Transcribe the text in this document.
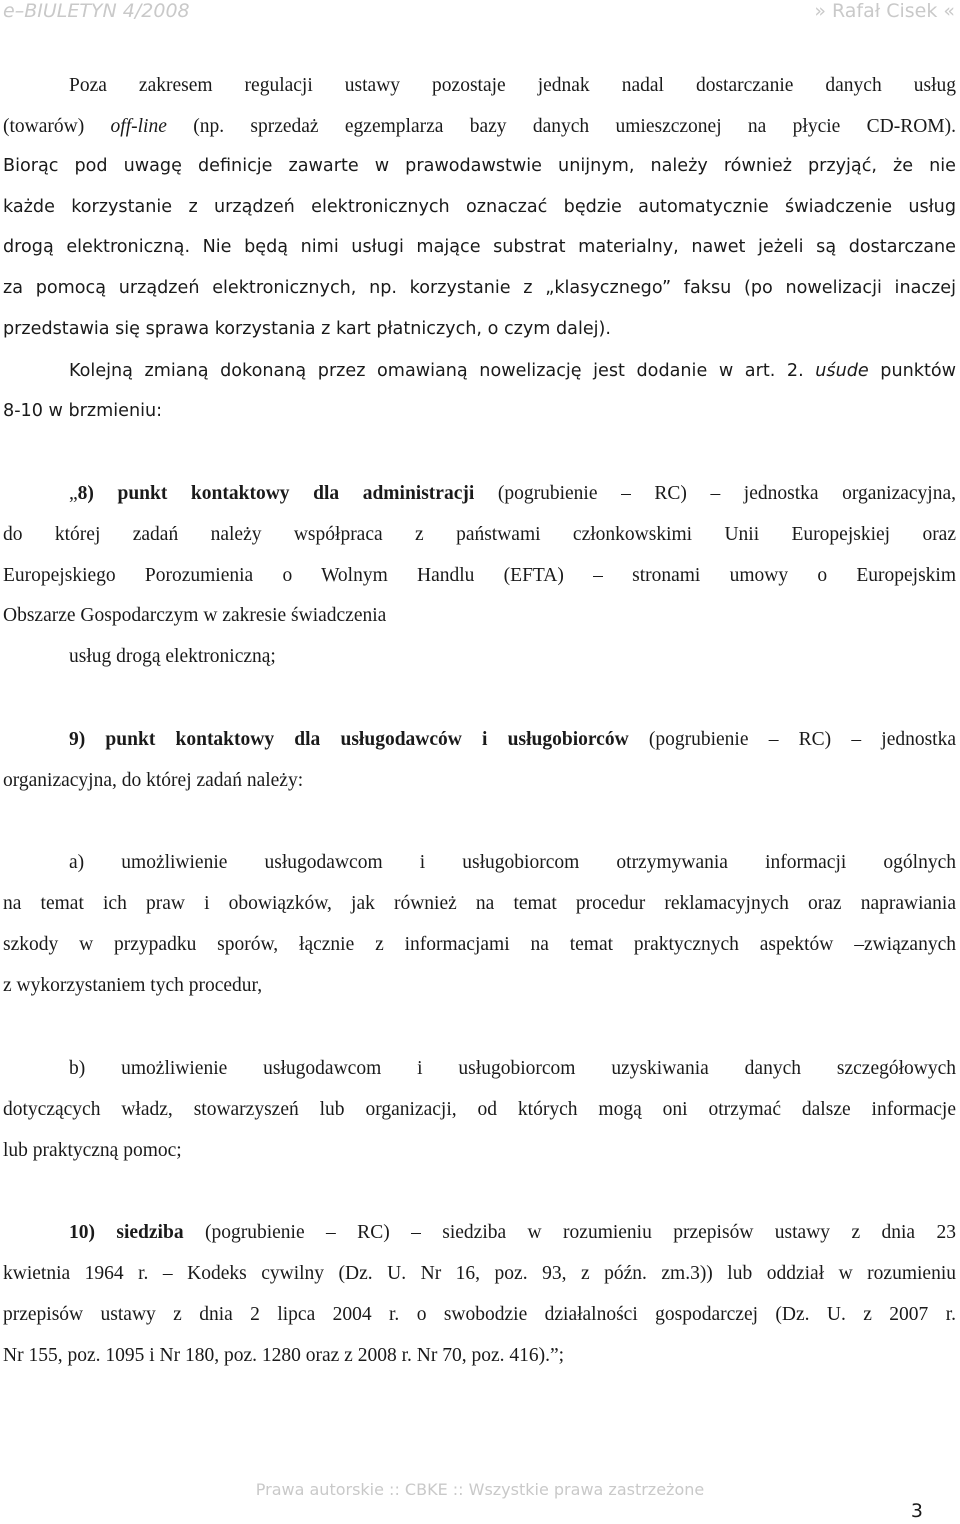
e–BIULETYN 4/2008	» Rafał Cisek «
Poza zakresem regulacji ustawy pozostaje jednak nadal dostarczanie danych usług
(towarów) off-line (np. sprzedaż egzemplarza bazy danych umieszczonej na płycie CD-ROM).
Biorąc pod uwagę definicje zawarte w prawodawstwie unijnym, należy również przyjąć, że nie
każde korzystanie z urządzeń elektronicznych oznaczać będzie automatycznie świadczenie usług
drogą elektroniczną. Nie będą nimi usługi mające substrat materialny, nawet jeżeli są dostarczane
za pomocą urządzeń elektronicznych, np. korzystanie z „klasycznego” faksu (po nowelizacji inaczej
przedstawia się sprawa korzystania z kart płatniczych, o czym dalej).
Kolejną zmianą dokonaną przez omawianą nowelizację jest dodanie w art. 2. uśude punktów
8-10 w brzmieniu:
„8) punkt kontaktowy dla administracji (pogrubienie – RC) – jednostka organizacyjna,
do której zadań należy współpraca z państwami członkowskimi Unii Europejskiej oraz
Europejskiego Porozumienia o Wolnym Handlu (EFTA) – stronami umowy o Europejskim
Obszarze Gospodarczym w zakresie świadczenia
usług drogą elektroniczną;
9) punkt kontaktowy dla usługodawców i usługobiorców (pogrubienie – RC) – jednostka
organizacyjna, do której zadań należy:
a) umożliwienie usługodawcom i usługobiorcom otrzymywania informacji ogólnych
na temat ich praw i obowiązków, jak również na temat procedur reklamacyjnych oraz naprawiania
szkody w przypadku sporów, łącznie z informacjami na temat praktycznych aspektów –związanych
z wykorzystaniem tych procedur,
b) umożliwienie usługodawcom i usługobiorcom uzyskiwania danych szczegółowych
dotyczących władz, stowarzyszeń lub organizacji, od których mogą oni otrzymać dalsze informacje
lub praktyczną pomoc;
10) siedziba (pogrubienie – RC) – siedziba w rozumieniu przepisów ustawy z dnia 23
kwietnia 1964 r. – Kodeks cywilny (Dz. U. Nr 16, poz. 93, z późn. zm.3)) lub oddział w rozumieniu
przepisów ustawy z dnia 2 lipca 2004 r. o swobodzie działalności gospodarczej (Dz. U. z 2007 r.
Nr 155, poz. 1095 i Nr 180, poz. 1280 oraz z 2008 r. Nr 70, poz. 416).”;
Prawa autorskie :: CBKE :: Wszystkie prawa zastrzeżone
3
